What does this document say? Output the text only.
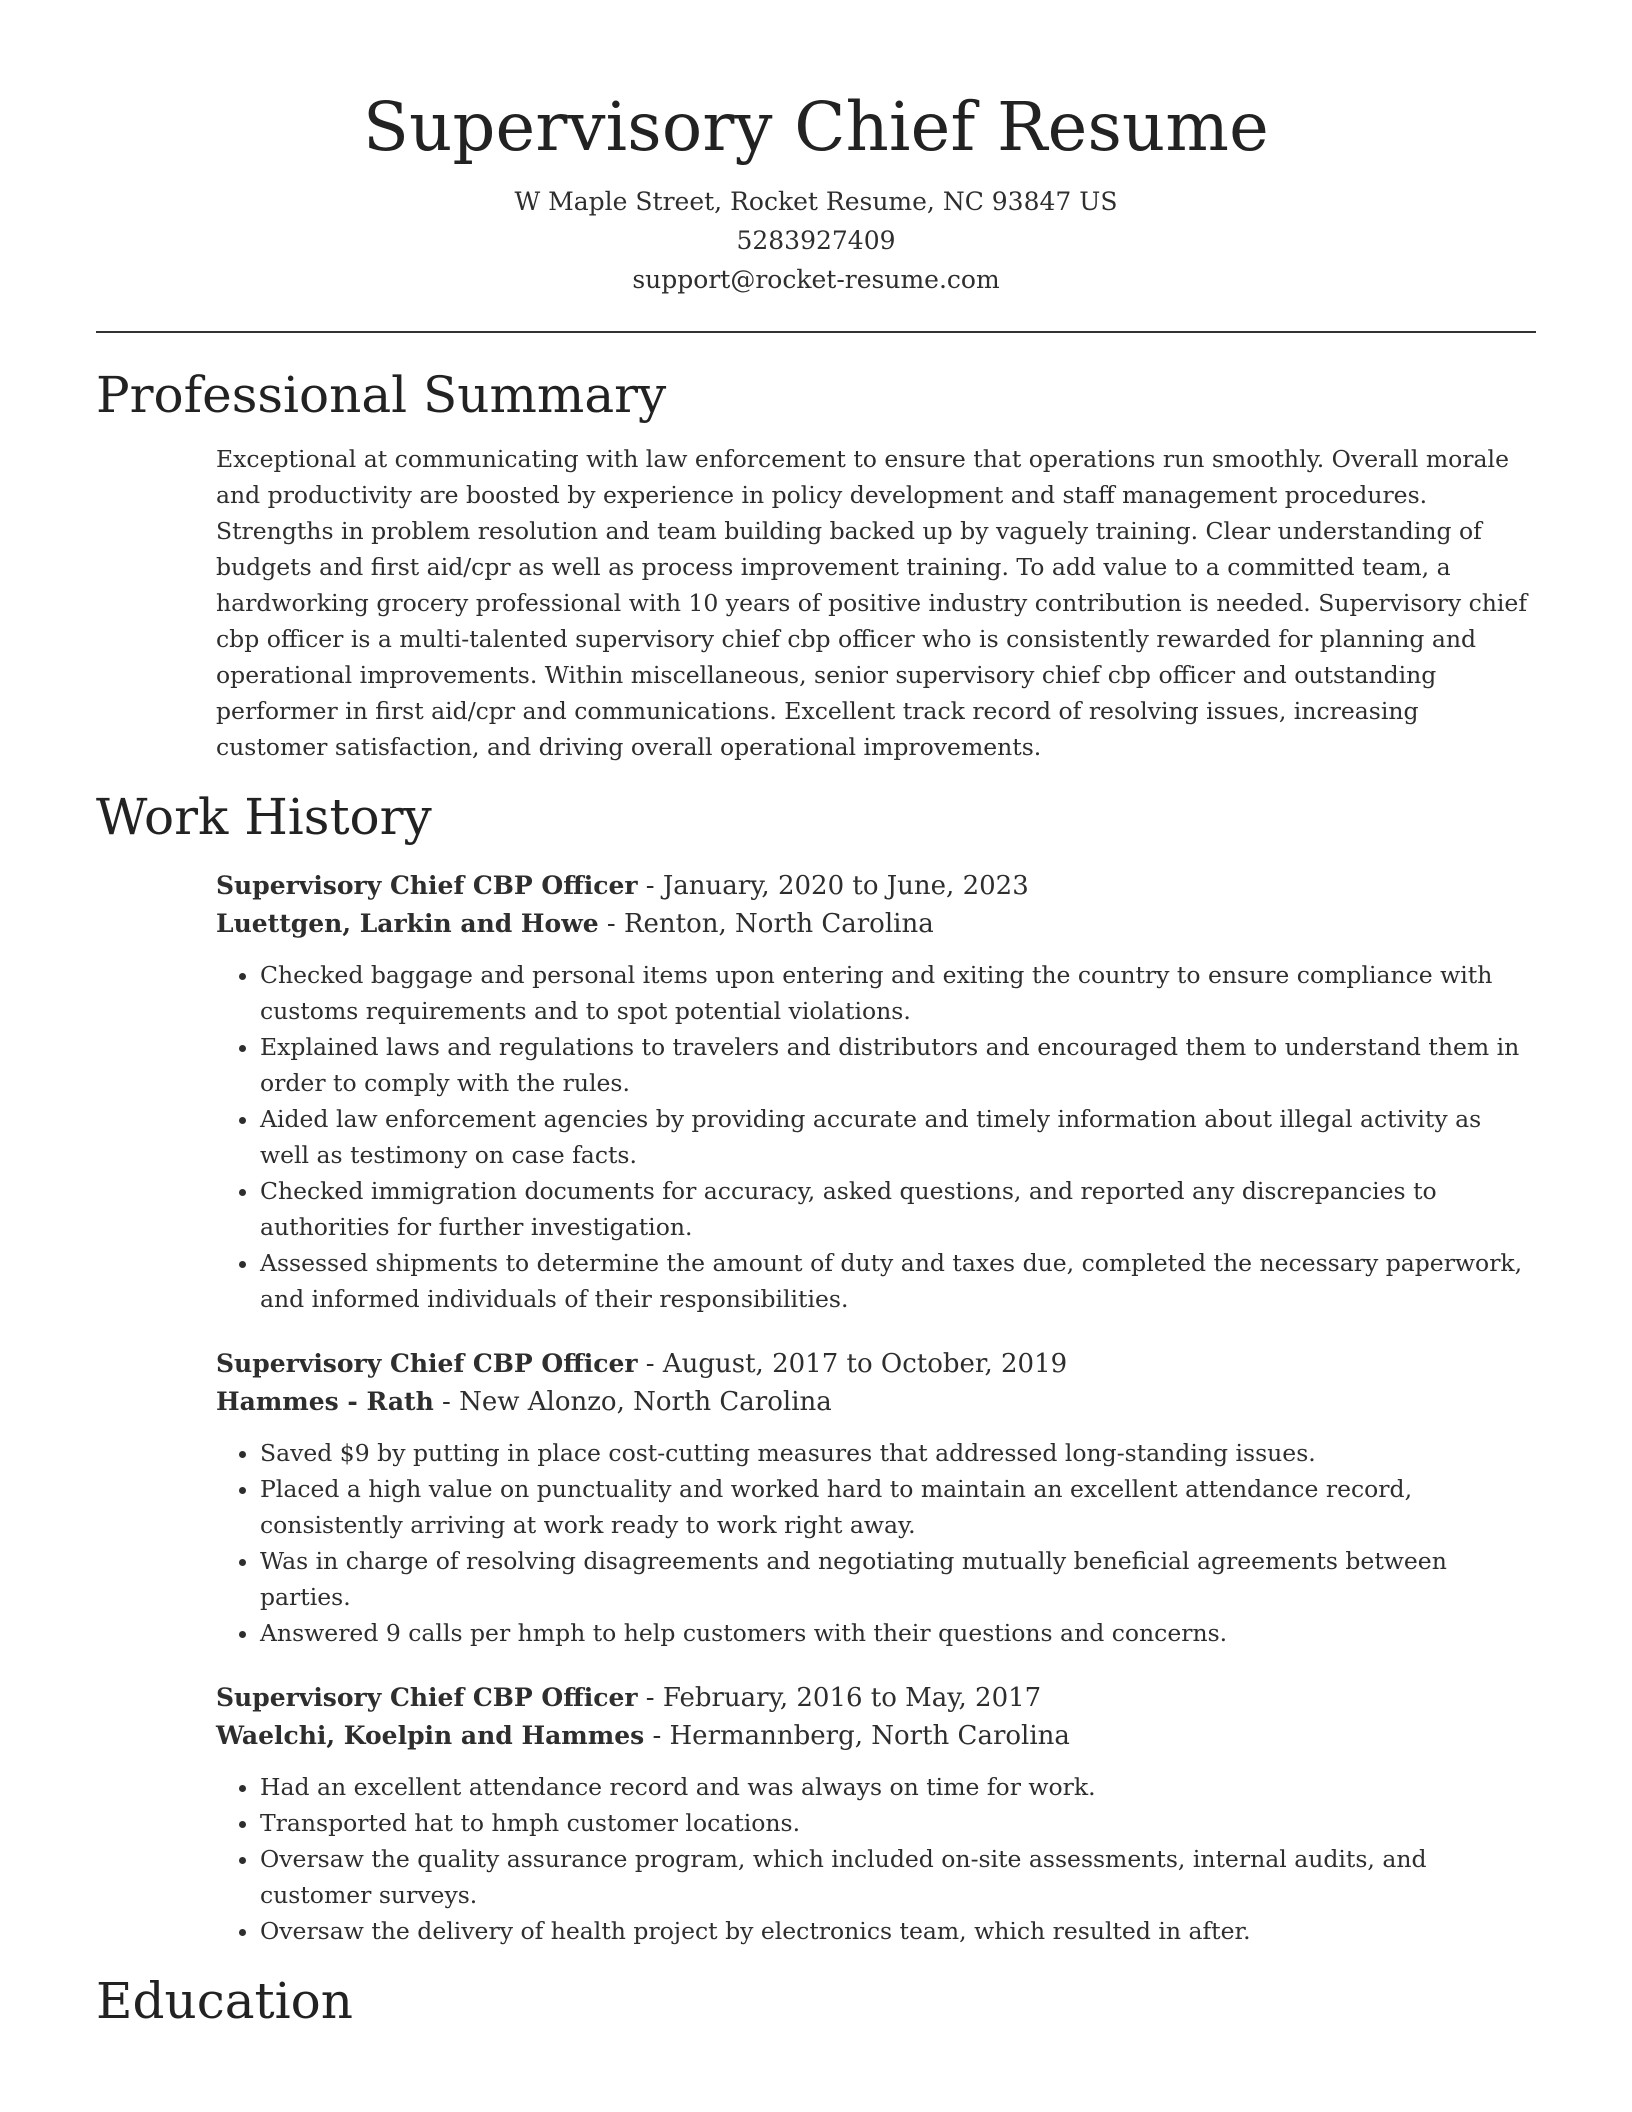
Supervisory Chief Resume
W Maple Street, Rocket Resume, NC 93847 US
5283927409
support@rocket-resume.com
Professional Summary

Exceptional at communicating with law enforcement to ensure that operations run smoothly. Overall morale and productivity are boosted by experience in policy development and staff management procedures. Strengths in problem resolution and team building backed up by vaguely training. Clear understanding of budgets and first aid/cpr as well as process improvement training. To add value to a committed team, a hardworking grocery professional with 10 years of positive industry contribution is needed. Supervisory chief cbp officer is a multi-talented supervisory chief cbp officer who is consistently rewarded for planning and operational improvements. Within miscellaneous, senior supervisory chief cbp officer and outstanding performer in first aid/cpr and communications. Excellent track record of resolving issues, increasing customer satisfaction, and driving overall operational improvements.

Work History
Supervisory Chief CBP Officer - January, 2020 to June, 2023
Luettgen, Larkin and Howe - Renton, North Carolina
• Checked baggage and personal items upon entering and exiting the country to ensure compliance with customs requirements and to spot potential violations.
• Explained laws and regulations to travelers and distributors and encouraged them to understand them in order to comply with the rules.
• Aided law enforcement agencies by providing accurate and timely information about illegal activity as well as testimony on case facts.
• Checked immigration documents for accuracy, asked questions, and reported any discrepancies to authorities for further investigation.
• Assessed shipments to determine the amount of duty and taxes due, completed the necessary paperwork, and informed individuals of their responsibilities.
Supervisory Chief CBP Officer - August, 2017 to October, 2019
Hammes - Rath - New Alonzo, North Carolina
• Saved $9 by putting in place cost-cutting measures that addressed long-standing issues.
• Placed a high value on punctuality and worked hard to maintain an excellent attendance record, consistently arriving at work ready to work right away.
• Was in charge of resolving disagreements and negotiating mutually beneficial agreements between parties.
• Answered 9 calls per hmph to help customers with their questions and concerns.
Supervisory Chief CBP Officer - February, 2016 to May, 2017
Waelchi, Koelpin and Hammes - Hermannberg, North Carolina
• Had an excellent attendance record and was always on time for work.
• Transported hat to hmph customer locations.
• Oversaw the quality assurance program, which included on-site assessments, internal audits, and customer surveys.
• Oversaw the delivery of health project by electronics team, which resulted in after.
Education
